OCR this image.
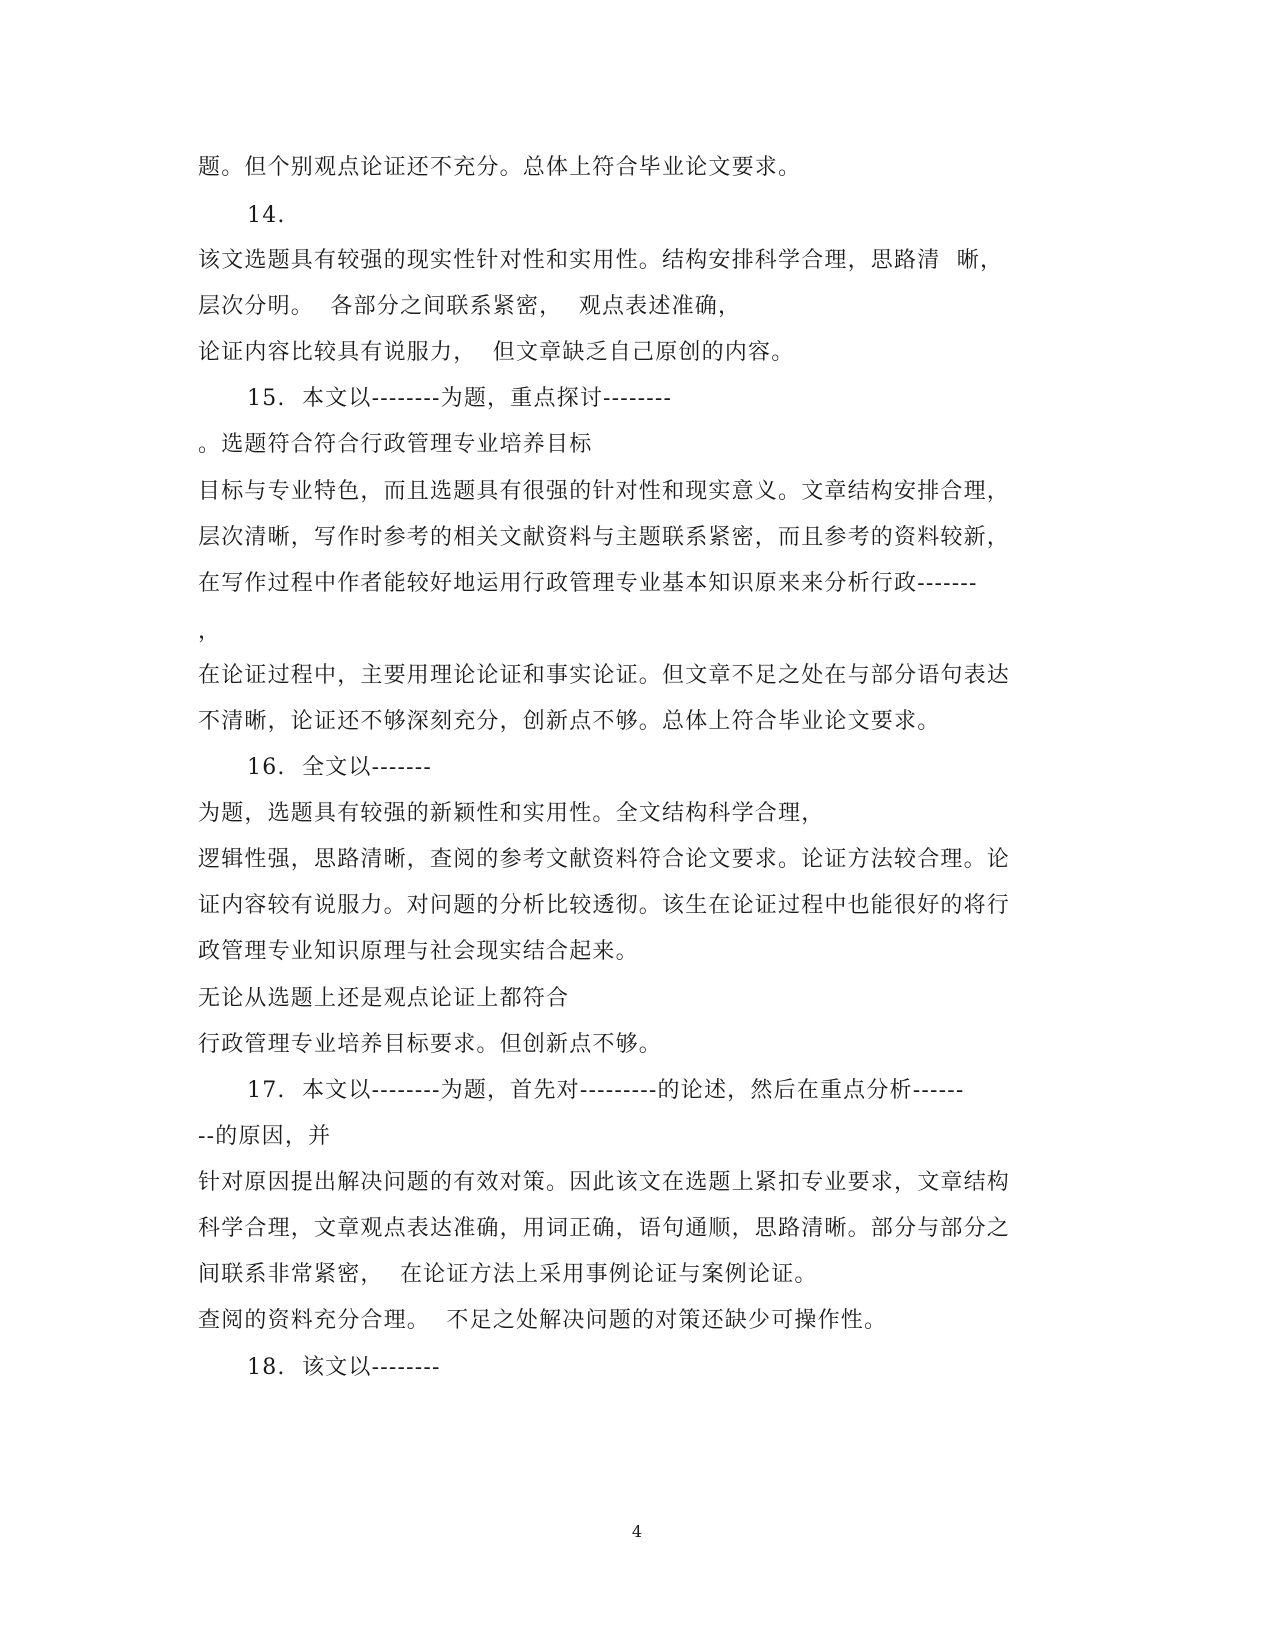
题。但个别观点论证还不充分。总体上符合毕业论文要求。
14.
该文选题具有较强的现实性针对性和实用性。结构安排科学合理，思路清  晰，
层次分明。  各部分之间联系紧密，  观点表述准确，
论证内容比较具有说服力，  但文章缺乏自己原创的内容。
15.  本文以--------为题，重点探讨--------
。选题符合符合行政管理专业培养目标
目标与专业特色，而且选题具有很强的针对性和现实意义。文章结构安排合理，
层次清晰，写作时参考的相关文献资料与主题联系紧密，而且参考的资料较新，
在写作过程中作者能较好地运用行政管理专业基本知识原来来分析行政-------
，
在论证过程中，主要用理论论证和事实论证。但文章不足之处在与部分语句表达
不清晰，论证还不够深刻充分，创新点不够。总体上符合毕业论文要求。
16.  全文以-------
为题，选题具有较强的新颖性和实用性。全文结构科学合理，
逻辑性强，思路清晰，查阅的参考文献资料符合论文要求。论证方法较合理。论
证内容较有说服力。对问题的分析比较透彻。该生在论证过程中也能很好的将行
政管理专业知识原理与社会现实结合起来。
无论从选题上还是观点论证上都符合
行政管理专业培养目标要求。但创新点不够。
17.  本文以--------为题，首先对---------的论述，然后在重点分析------
--的原因，并
针对原因提出解决问题的有效对策。因此该文在选题上紧扣专业要求，文章结构
科学合理，文章观点表达准确，用词正确，语句通顺，思路清晰。部分与部分之
间联系非常紧密，  在论证方法上采用事例论证与案例论证。
查阅的资料充分合理。  不足之处解决问题的对策还缺少可操作性。
18.  该文以--------
4
